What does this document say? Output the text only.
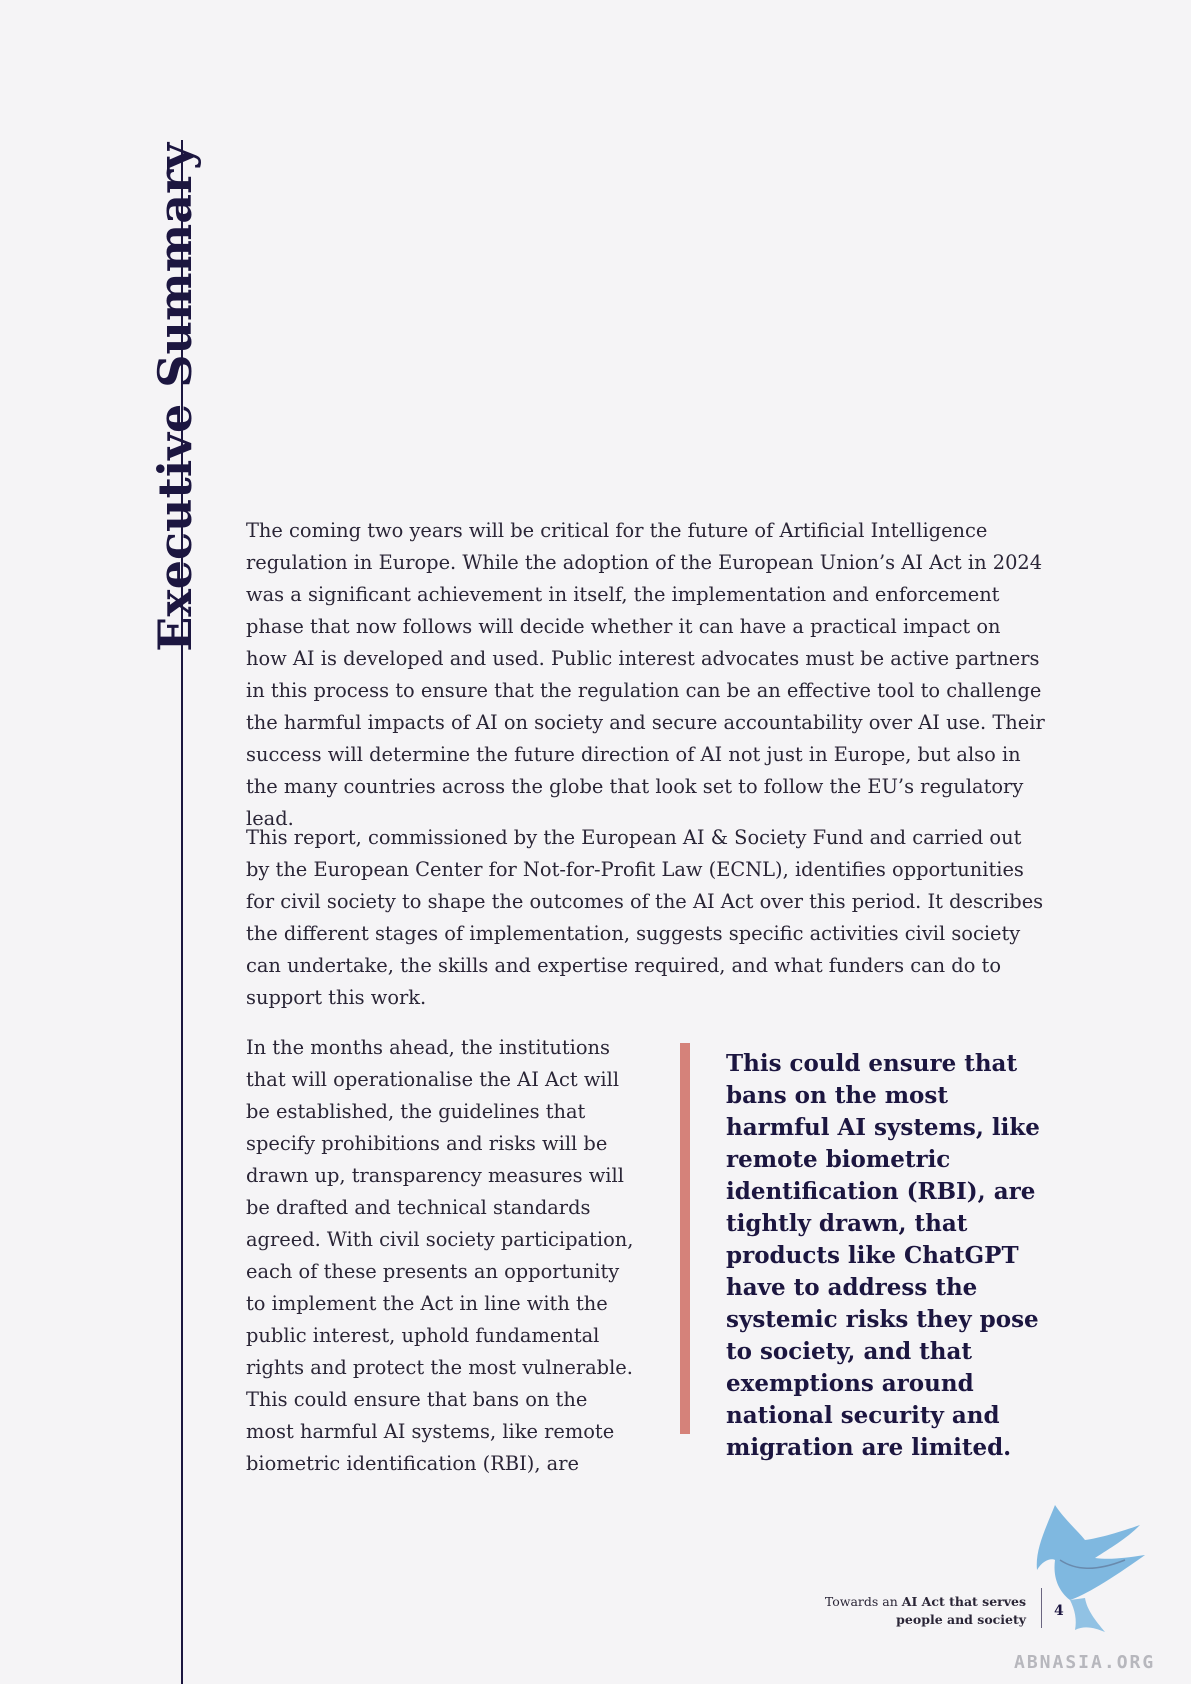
Executive Summary The coming two years will be critical for the future of Artificial Intelligence regulation in Europe. While the adoption of the European Union’s AI Act in 2024 was a significant achievement in itself, the implementation and enforcement phase that now follows will decide whether it can have a practical impact on how AI is developed and used. Public interest advocates must be active partners in this process to ensure that the regulation can be an effective tool to challenge the harmful impacts of AI on society and secure accountability over AI use. Their success will determine the future direction of AI not just in Europe, but also in the many countries across the globe that look set to follow the EU’s regulatory lead.

This report, commissioned by the European AI & Society Fund and carried out by the European Center for Not-for-Profit Law (ECNL), identifies opportunities for civil society to shape the outcomes of the AI Act over this period. It describes the different stages of implementation, suggests specific activities civil society can undertake, the skills and expertise required, and what funders can do to support this work.

In the months ahead, the institutions that will operationalise the AI Act will be established, the guidelines that specify prohibitions and risks will be drawn up, transparency measures will be drafted and technical standards agreed. With civil society participation, each of these presents an opportunity to implement the Act in line with the public interest, uphold fundamental rights and protect the most vulnerable. This could ensure that bans on the most harmful AI systems, like remote biometric identification (RBI), are

This could ensure that bans on the most harmful AI systems, like remote biometric identification (RBI), are tightly drawn, that products like ChatGPT have to address the systemic risks they pose to society, and that exemptions around national security and migration are limited.

Towards an AI Act that serves
people and society
4
ABNASIA.ORG
